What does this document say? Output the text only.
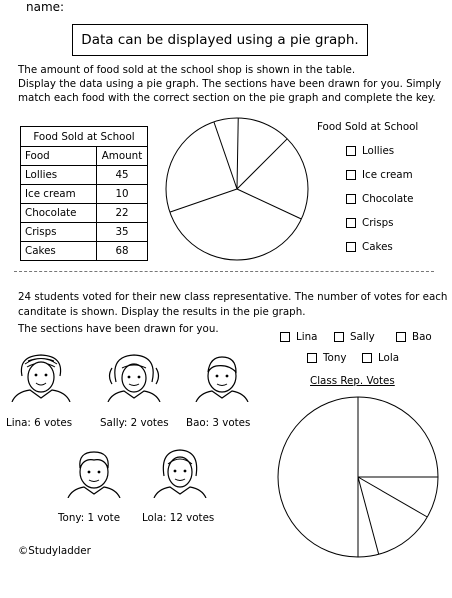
name:
Data can be displayed using a pie graph.
The amount of food sold at the school shop is shown in the table.
Display the data using a pie graph. The sections have been drawn for you. Simply
match each food with the correct section on the pie graph and complete the key.
Food Sold at School	
Food	Amount
Lollies	45
Ice cream	10
Chocolate	22
Crisps	35
Cakes	68
Food Sold at School
Lollies
Ice cream
Chocolate
Crisps
Cakes
24 students voted for their new class representative. The number of votes for each
canditate is shown. Display the results in the pie graph.
The sections have been drawn for you.
Lina	Sally	Bao
Tony	Lola
Class Rep. Votes
Lina: 6 votes	Sally: 2 votes Bao: 3 votes
Tony: 1 vote Lola: 12 votes
©Studyladder
